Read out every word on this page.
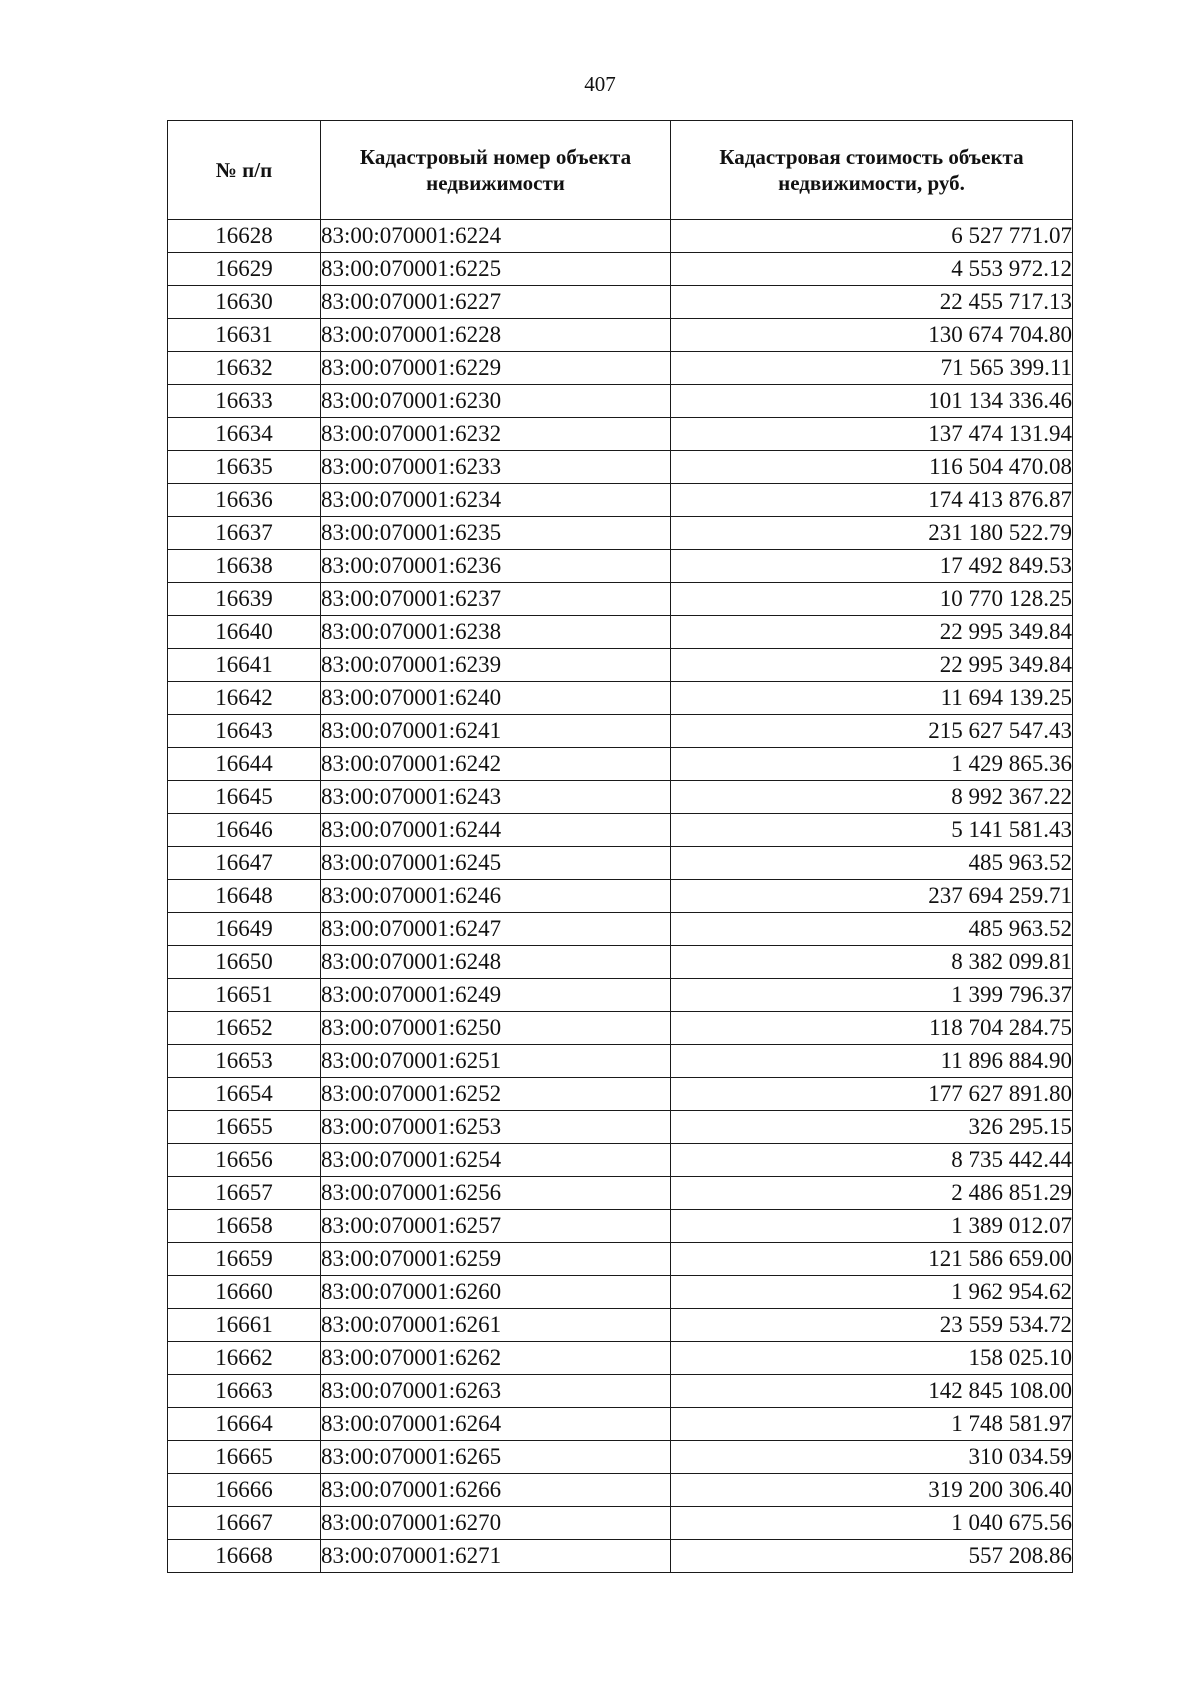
407
№ п/п	Кадастровый номер объекта недвижимости	Кадастровая стоимость объекта недвижимости, руб.
16628	83:00:070001:6224	6 527 771.07
16629	83:00:070001:6225	4 553 972.12
16630	83:00:070001:6227	22 455 717.13
16631	83:00:070001:6228	130 674 704.80
16632	83:00:070001:6229	71 565 399.11
16633	83:00:070001:6230	101 134 336.46
16634	83:00:070001:6232	137 474 131.94
16635	83:00:070001:6233	116 504 470.08
16636	83:00:070001:6234	174 413 876.87
16637	83:00:070001:6235	231 180 522.79
16638	83:00:070001:6236	17 492 849.53
16639	83:00:070001:6237	10 770 128.25
16640	83:00:070001:6238	22 995 349.84
16641	83:00:070001:6239	22 995 349.84
16642	83:00:070001:6240	11 694 139.25
16643	83:00:070001:6241	215 627 547.43
16644	83:00:070001:6242	1 429 865.36
16645	83:00:070001:6243	8 992 367.22
16646	83:00:070001:6244	5 141 581.43
16647	83:00:070001:6245	485 963.52
16648	83:00:070001:6246	237 694 259.71
16649	83:00:070001:6247	485 963.52
16650	83:00:070001:6248	8 382 099.81
16651	83:00:070001:6249	1 399 796.37
16652	83:00:070001:6250	118 704 284.75
16653	83:00:070001:6251	11 896 884.90
16654	83:00:070001:6252	177 627 891.80
16655	83:00:070001:6253	326 295.15
16656	83:00:070001:6254	8 735 442.44
16657	83:00:070001:6256	2 486 851.29
16658	83:00:070001:6257	1 389 012.07
16659	83:00:070001:6259	121 586 659.00
16660	83:00:070001:6260	1 962 954.62
16661	83:00:070001:6261	23 559 534.72
16662	83:00:070001:6262	158 025.10
16663	83:00:070001:6263	142 845 108.00
16664	83:00:070001:6264	1 748 581.97
16665	83:00:070001:6265	310 034.59
16666	83:00:070001:6266	319 200 306.40
16667	83:00:070001:6270	1 040 675.56
16668	83:00:070001:6271	557 208.86
